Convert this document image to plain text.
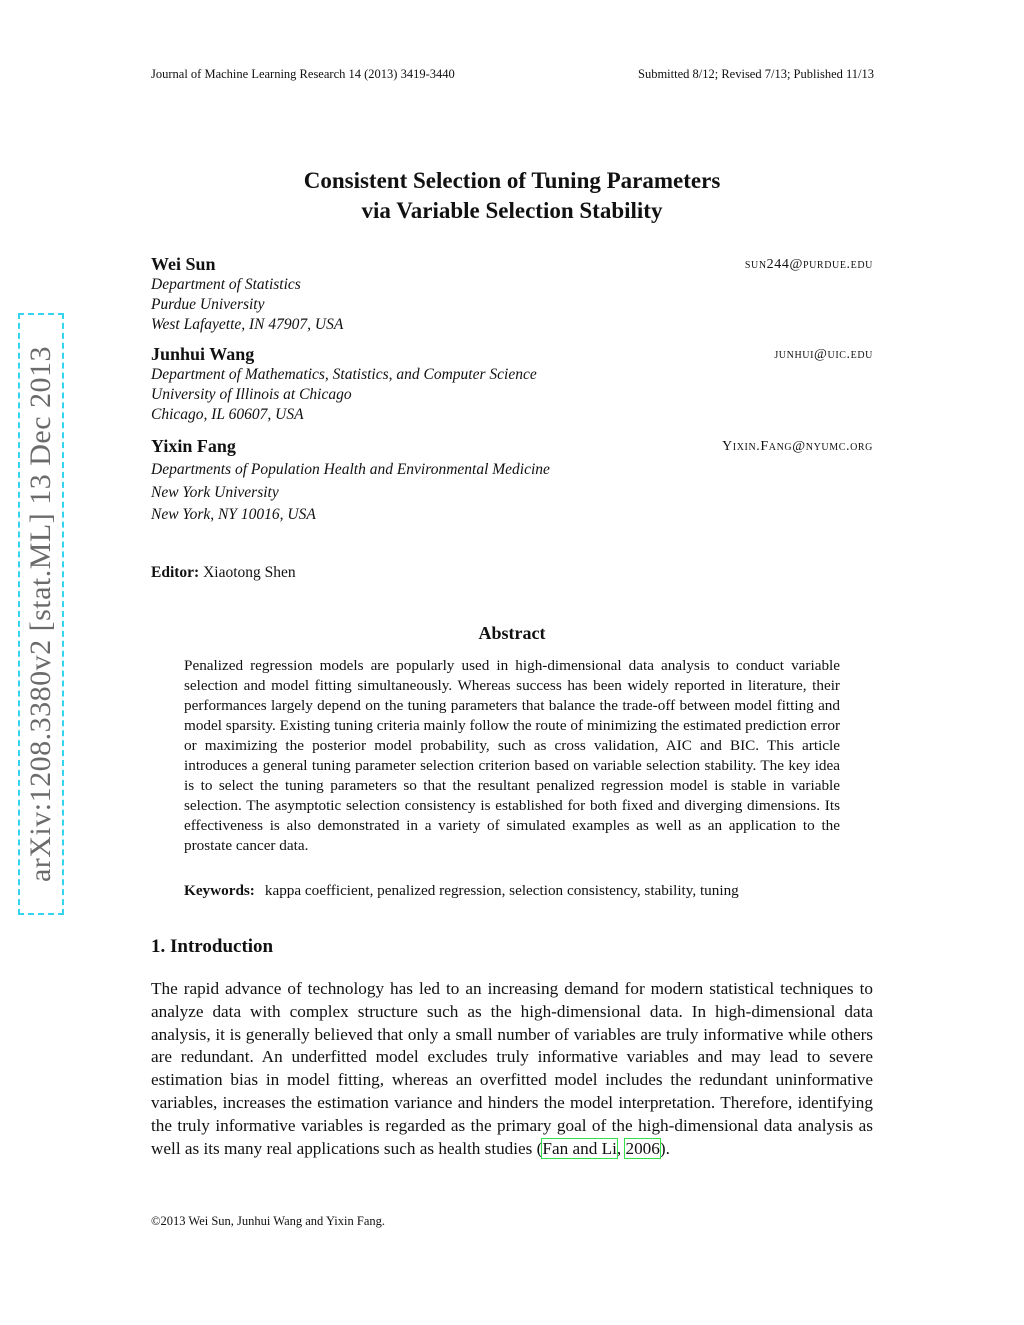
arXiv:1208.3380v2 [stat.ML] 13 Dec 2013
Journal of Machine Learning Research 14 (2013) 3419-3440	Submitted 8/12; Revised 7/13; Published 11/13
Consistent Selection of Tuning Parameters
via Variable Selection Stability
Wei Sun	sun244@purdue.edu
Department of Statistics
Purdue University
West Lafayette, IN 47907, USA
Junhui Wang	junhui@uic.edu
Department of Mathematics, Statistics, and Computer Science
University of Illinois at Chicago
Chicago, IL 60607, USA
Yixin Fang	Yixin.Fang@nyumc.org
Departments of Population Health and Environmental Medicine
New York University
New York, NY 10016, USA
Editor: Xiaotong Shen
Abstract
Penalized regression models are popularly used in high-dimensional data analysis to conduct variable selection and model fitting simultaneously. Whereas success has been widely reported in literature, their performances largely depend on the tuning parameters that balance the trade-off between model fitting and model sparsity. Existing tuning criteria mainly follow the route of minimizing the estimated prediction error or maximizing the posterior model probability, such as cross validation, AIC and BIC. This article introduces a general tuning parameter selection criterion based on variable selection stability. The key idea is to select the tuning parameters so that the resultant penalized regression model is stable in variable selection. The asymptotic selection consistency is established for both fixed and diverging dimensions. Its effectiveness is also demonstrated in a variety of simulated examples as well as an application to the prostate cancer data.
Keywords: kappa coefficient, penalized regression, selection consistency, stability, tuning
1. Introduction
The rapid advance of technology has led to an increasing demand for modern statistical techniques to analyze data with complex structure such as the high-dimensional data. In high-dimensional data analysis, it is generally believed that only a small number of variables are truly informative while others are redundant. An underfitted model excludes truly informative variables and may lead to severe estimation bias in model fitting, whereas an overfitted model includes the redundant uninformative variables, increases the estimation variance and hinders the model interpretation. Therefore, identifying the truly informative variables is regarded as the primary goal of the high-dimensional data analysis as well as its many real applications such as health studies (Fan and Li, 2006).
©2013 Wei Sun, Junhui Wang and Yixin Fang.
